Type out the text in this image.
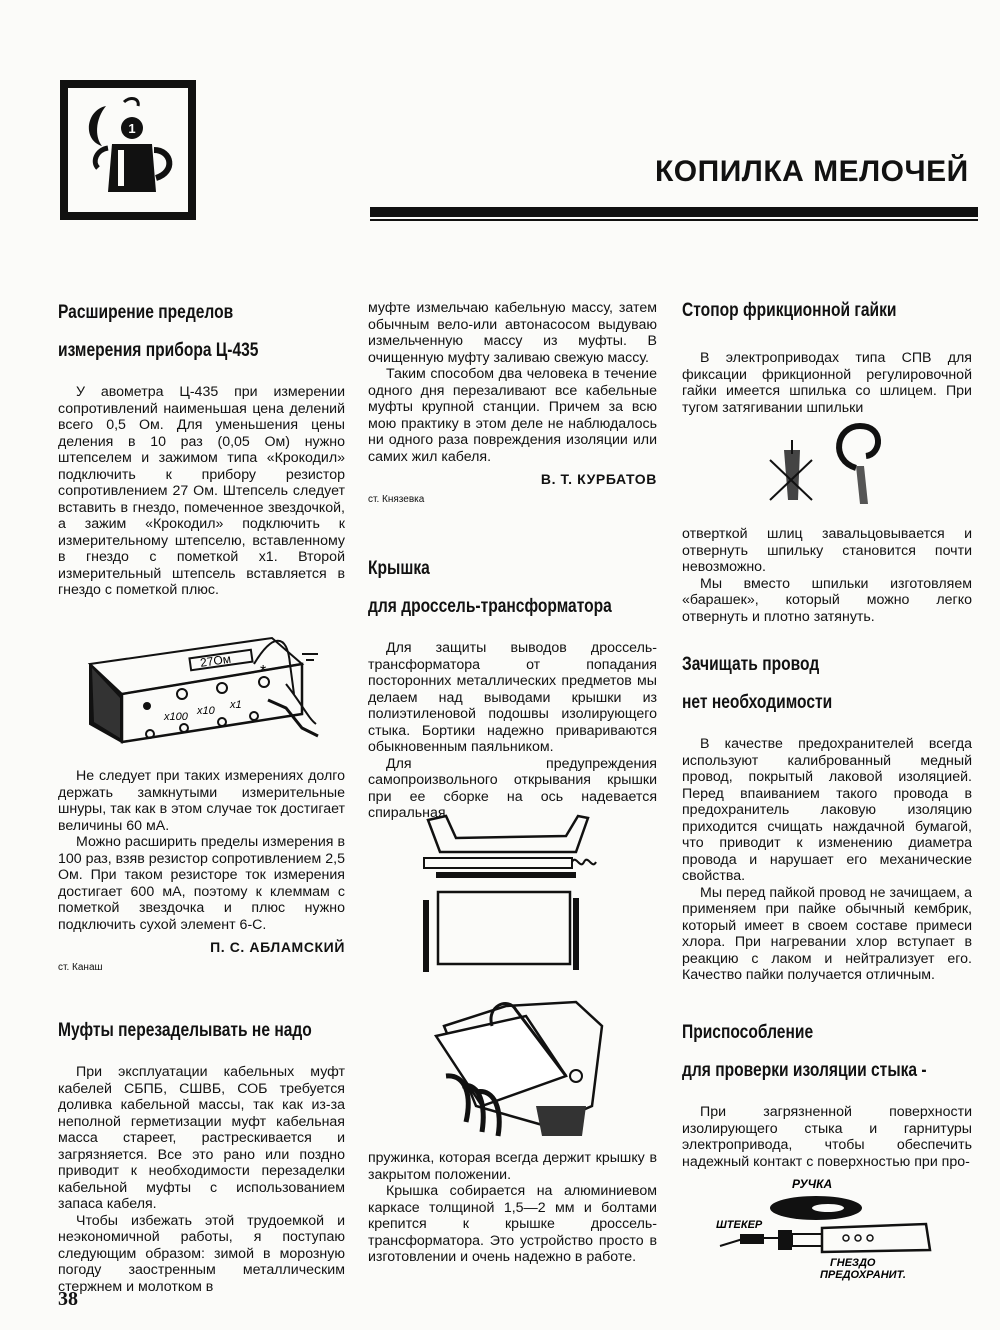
1
КОПИЛКА МЕЛОЧЕЙ
Расширение пределов
измерения прибора Ц-435

У авометра Ц-435 при измерении сопротивлений наименьшая цена делений всего 0,5 Ом. Для уменьшения цены деления в 10 раз (0,05 Ом) нужно штепселем и зажимом типа «Крокодил» подключить к прибору резистор сопротивлением 27 Ом. Штепсель следует вставить в гнездо, помеченное звездочкой, а зажим «Крокодил» подключить к измерительному штепселю, вставленному в гнездо с пометкой x1. Второй измерительный штепсель вставляется в гнездо с пометкой плюс.

27Ом
x100 x10 x1
*

Не следует при таких измерениях долго держать замкнутыми измерительные шнуры, так как в этом случае ток достигает величины 60 мА.

Можно расширить пределы измерения в 100 раз, взяв резистор сопротивлением 2,5 Ом. При таком резисторе ток измерения достигает 600 мА, поэтому к клеммам с пометкой звездочка и плюс нужно подключить сухой элемент 6-С.

П. С. АБЛАМСКИЙ
ст. Канаш
Муфты перезаделывать не надо

При эксплуатации кабельных муфт кабелей СБПБ, СШВБ, СОБ требуется доливка кабельной массы, так как из-за неполной герметизации муфт кабельная масса стареет, растрескивается и загрязняется. Все это рано или поздно приводит к необходимости перезаделки кабельной муфты с использованием запаса кабеля.

Чтобы избежать этой трудоемкой и неэкономичной работы, я поступаю следующим образом: зимой в морозную погоду заостренным металлическим стержнем и молотком в

муфте измельчаю кабельную массу, затем обычным вело-или автонасосом выдуваю измельченную массу из муфты. В очищенную муфту заливаю свежую массу.

Таким способом два человека в течение одного дня перезаливают все кабельные муфты крупной станции. Причем за всю мою практику в этом деле не наблюдалось ни одного раза повреждения изоляции или самих жил кабеля.

В. Т. КУРБАТОВ
ст. Князевка
Крышка
для дроссель-трансформатора

Для защиты выводов дроссель-трансформатора от попадания посторонних металлических предметов мы делаем над выводами крышки из полиэтиленовой подошвы изолирующего стыка. Бортики надежно привариваются обыкновенным паяльником.

Для предупреждения самопроизвольного открывания крышки при ее сборке на ось надевается спиральная

пружинка, которая всегда держит крышку в закрытом положении.

Крышка собирается на алюминиевом каркасе толщиной 1,5—2 мм и болтами крепится к крышке дроссель-трансформатора. Это устройство просто в изготовлении и очень надежно в работе.

Стопор фрикционной гайки

В электроприводах типа СПВ для фиксации фрикционной регулировочной гайки имеется шпилька со шлицем. При тугом затягивании шпильки

отверткой шлиц завальцовывается и отвернуть шпильку становится почти невозможно.

Мы вместо шпильки изготовляем «барашек», который можно легко отвернуть и плотно затянуть.

Зачищать провод
нет необходимости

В качестве предохранителей всегда используют калиброванный медный провод, покрытый лаковой изоляцией. Перед впаиванием такого провода в предохранитель лаковую изоляцию приходится счищать наждачной бумагой, что приводит к изменению диаметра провода и нарушает его механические свойства.

Мы перед пайкой провод не зачищаем, а применяем при пайке обычный кембрик, который имеет в своем составе примеси хлора. При нагревании хлор вступает в реакцию с лаком и нейтрализует его. Качество пайки получается отличным.

Приспособление
для проверки изоляции стыка -

При загрязненной поверхности изолирующего стыка и гарнитуры электропривода, чтобы обеспечить надежный контакт с поверхностью при про-

РУЧКА
ШТЕКЕР
ГНЕЗДО
ПРЕДОХРАНИТ.
38
